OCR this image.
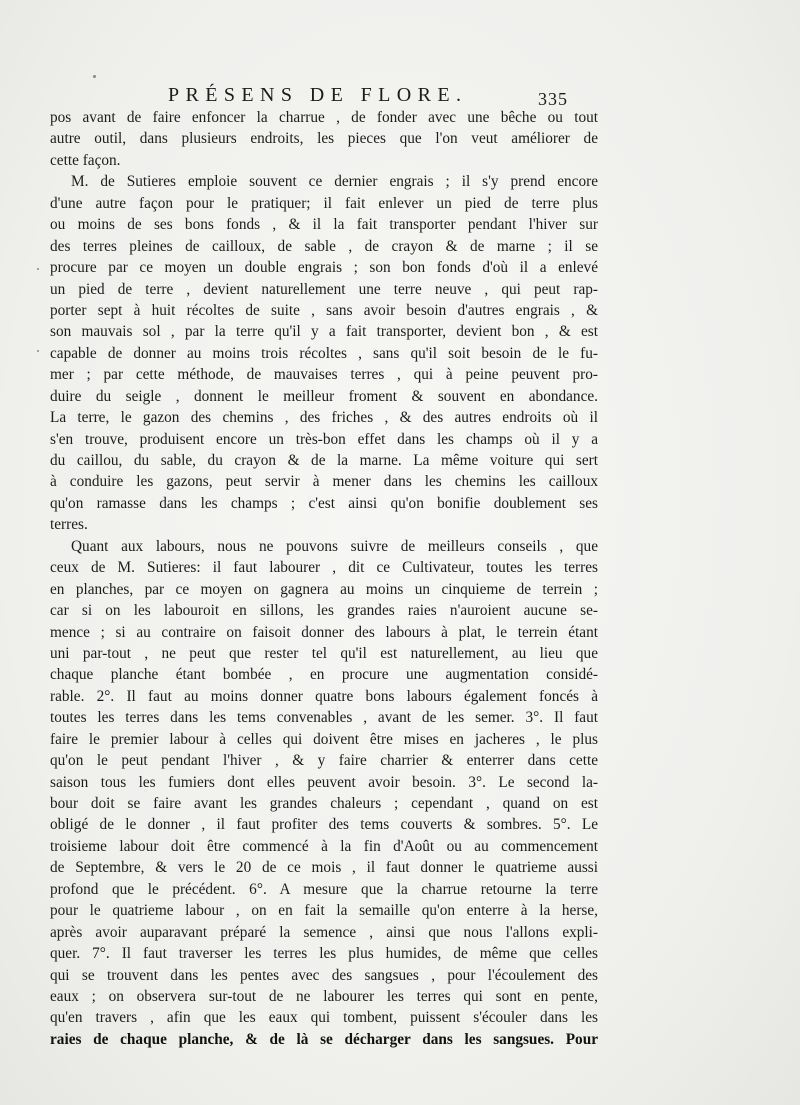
PRÉSENS DE FLORE.	335
pos avant de faire enfoncer la charrue , de fonder avec une bêche ou tout
autre outil, dans plusieurs endroits, les pieces que l'on veut améliorer de
cette façon.
M. de Sutieres emploie souvent ce dernier engrais ; il s'y prend encore
d'une autre façon pour le pratiquer; il fait enlever un pied de terre plus
ou moins de ses bons fonds , & il la fait transporter pendant l'hiver sur
des terres pleines de cailloux, de sable , de crayon & de marne ; il se
procure par ce moyen un double engrais ; son bon fonds d'où il a enlevé
un pied de terre , devient naturellement une terre neuve , qui peut rap-
porter sept à huit récoltes de suite , sans avoir besoin d'autres engrais , &
son mauvais sol , par la terre qu'il y a fait transporter, devient bon , & est
capable de donner au moins trois récoltes , sans qu'il soit besoin de le fu-
mer ; par cette méthode, de mauvaises terres , qui à peine peuvent pro-
duire du seigle , donnent le meilleur froment & souvent en abondance.
La terre, le gazon des chemins , des friches , & des autres endroits où il
s'en trouve, produisent encore un très-bon effet dans les champs où il y a
du caillou, du sable, du crayon & de la marne. La même voiture qui sert
à conduire les gazons, peut servir à mener dans les chemins les cailloux
qu'on ramasse dans les champs ; c'est ainsi qu'on bonifie doublement ses
terres.
Quant aux labours, nous ne pouvons suivre de meilleurs conseils , que
ceux de M. Sutieres: il faut labourer , dit ce Cultivateur, toutes les terres
en planches, par ce moyen on gagnera au moins un cinquieme de terrein ;
car si on les labouroit en sillons, les grandes raies n'auroient aucune se-
mence ; si au contraire on faisoit donner des labours à plat, le terrein étant
uni par-tout , ne peut que rester tel qu'il est naturellement, au lieu que
chaque planche étant bombée , en procure une augmentation considé-
rable. 2°. Il faut au moins donner quatre bons labours également foncés à
toutes les terres dans les tems convenables , avant de les semer. 3°. Il faut
faire le premier labour à celles qui doivent être mises en jacheres , le plus
qu'on le peut pendant l'hiver , & y faire charrier & enterrer dans cette
saison tous les fumiers dont elles peuvent avoir besoin. 3°. Le second la-
bour doit se faire avant les grandes chaleurs ; cependant , quand on est
obligé de le donner , il faut profiter des tems couverts & sombres. 5°. Le
troisieme labour doit être commencé à la fin d'Août ou au commencement
de Septembre, & vers le 20 de ce mois , il faut donner le quatrieme aussi
profond que le précédent. 6°. A mesure que la charrue retourne la terre
pour le quatrieme labour , on en fait la semaille qu'on enterre à la herse,
après avoir auparavant préparé la semence , ainsi que nous l'allons expli-
quer. 7°. Il faut traverser les terres les plus humides, de même que celles
qui se trouvent dans les pentes avec des sangsues , pour l'écoulement des
eaux ; on observera sur-tout de ne labourer les terres qui sont en pente,
qu'en travers , afin que les eaux qui tombent, puissent s'écouler dans les
raies de chaque planche, & de là se décharger dans les sangsues. Pour
